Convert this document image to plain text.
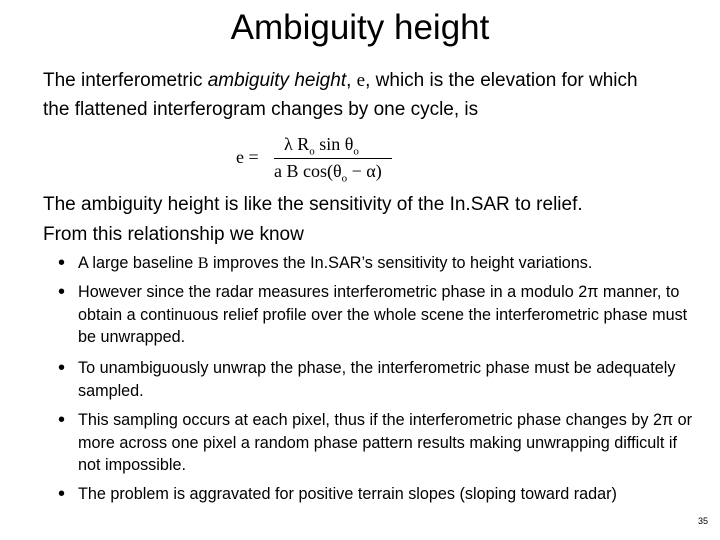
Ambiguity height
The interferometric ambiguity height, e, which is the elevation for which
the flattened interferogram changes by one cycle, is
e =
λ $R_o$ $\sin \theta_o$
a B $\cos(\theta_o - \alpha)$
The ambiguity height is like the sensitivity of the In.SAR to relief.
From this relationship we know
• A large baseline B improves the In.SAR’s sensitivity to height variations.
• However since the radar measures interferometric phase in a modulo 2π manner, to obtain a continuous relief profile over the whole scene the interferometric phase must be unwrapped.
• To unambiguously unwrap the phase, the interferometric phase must be adequately sampled.
• This sampling occurs at each pixel, thus if the interferometric phase changes by 2π or more across one pixel a random phase pattern results making unwrapping difficult if not impossible.
• The problem is aggravated for positive terrain slopes (sloping toward radar)
35
